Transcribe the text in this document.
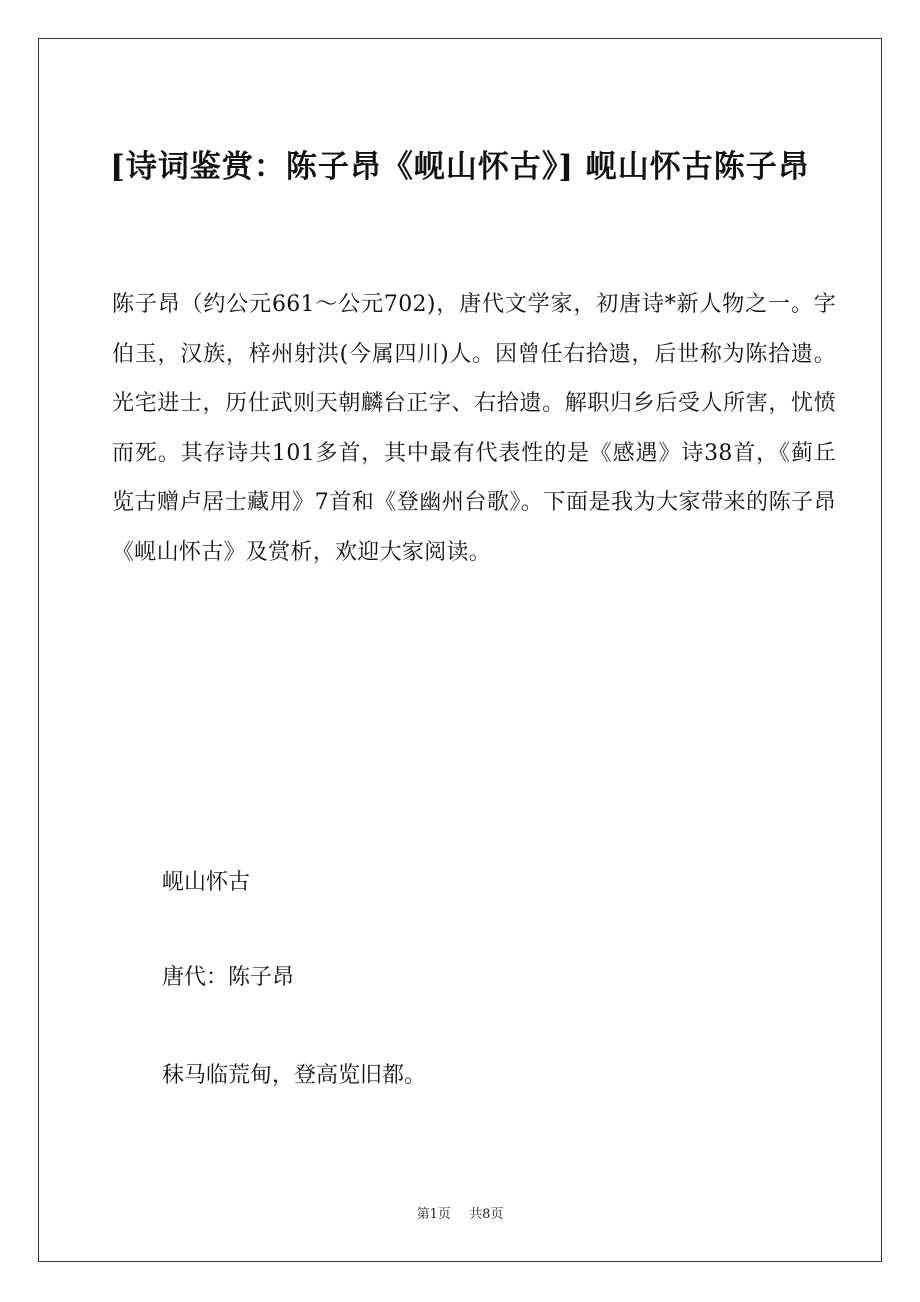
[诗词鉴赏：陈子昂《岘山怀古》] 岘山怀古陈子昂

陈子昂（约公元661～公元702)，唐代文学家，初唐诗*新人物之一。字伯玉，汉族，梓州射洪(今属四川)人。因曾任右拾遗，后世称为陈拾遗。光宅进士，历仕武则天朝麟台正字、右拾遗。解职归乡后受人所害，忧愤而死。其存诗共101多首，其中最有代表性的是《感遇》诗38首，《蓟丘览古赠卢居士藏用》7首和《登幽州台歌》。下面是我为大家带来的陈子昂《岘山怀古》及赏析，欢迎大家阅读。

岘山怀古

唐代：陈子昂

秣马临荒甸，登高览旧都。

第1页 共8页
